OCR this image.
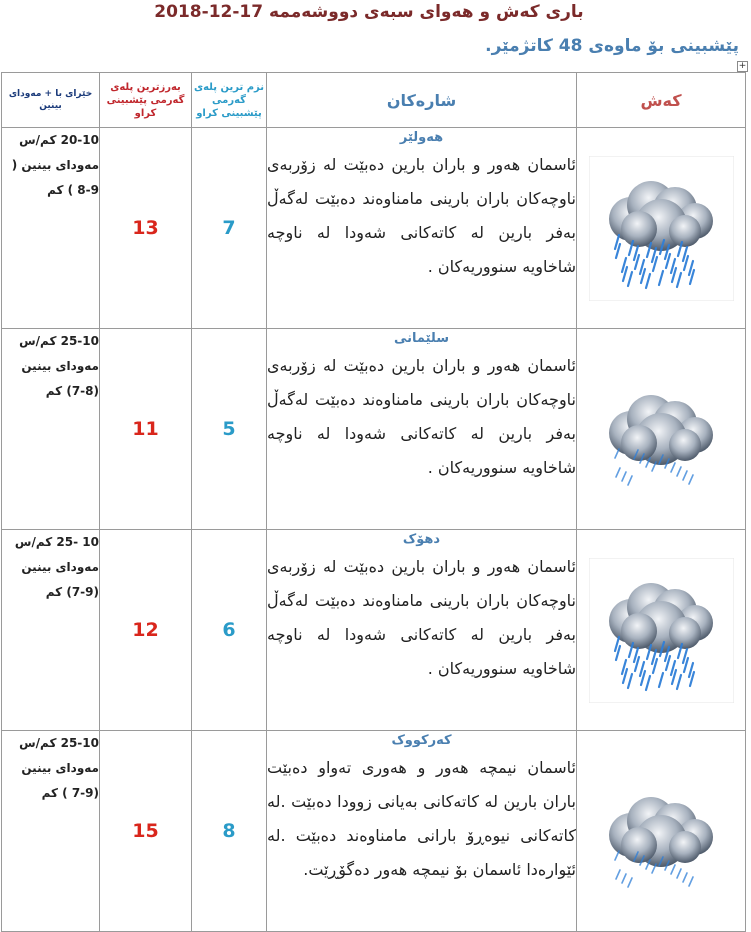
باری کەش و هەوای سبەی دووشەممە 17-12-2018
پێشبینی بۆ ماوەی 48 کاتژمێر.
+
خێرای با + مەودای بینین	بەرزترین پلەی گەرمی پێشبینی کراو	نزم ترین پلەی گەرمی پێشبینی کراو	شارەکان	کەش
20-10 کم/س مەودای بینین ( 9-8 ) کم	13	7	هەولێر
ئاسمان هەور و باران بارین دەبێت لە زۆربەی ناوچەکان باران بارینی مامناوەند دەبێت لەگەڵ بەفر بارین لە کاتەکانی شەودا لە ناوچە شاخاویە سنووریەکان .

25-10 کم/س مەودای بینین (8-7) کم	11	5	سلێمانی
ئاسمان هەور و باران بارین دەبێت لە زۆربەی ناوچەکان باران بارینی مامناوەند دەبێت لەگەڵ بەفر بارین لە کاتەکانی شەودا لە ناوچە شاخاویە سنووریەکان .

10 -25 کم/س مەودای بینین (9-7) کم	12	6	دهۆک
ئاسمان هەور و باران بارین دەبێت لە زۆربەی ناوچەکان باران بارینی مامناوەند دەبێت لەگەڵ بەفر بارین لە کاتەکانی شەودا لە ناوچە شاخاویە سنووریەکان .

25-10 کم/س مەودای بینین (9-7 ) کم	15	8	کەرکووک
ئاسمان نیمچە هەور و هەوری تەواو دەبێت باران بارین لە کاتەکانی بەیانی زوودا دەبێت .لە کاتەکانی نیوەڕۆ بارانی مامناوەند دەبێت .لە ئێوارەدا ئاسمان بۆ نیمچە هەور دەگۆڕێت.
